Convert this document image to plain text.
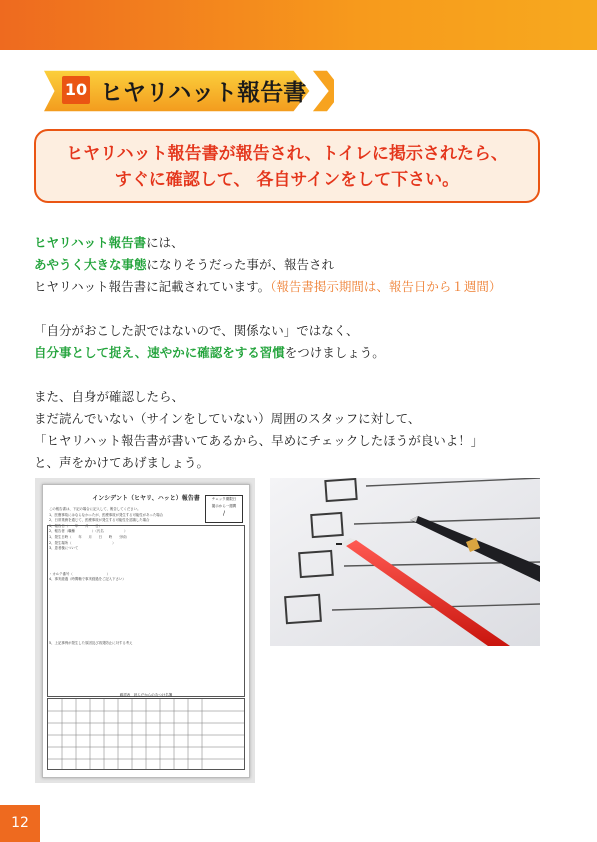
10 ヒヤリハット報告書
ヒヤリハット報告書が報告され、トイレに掲示されたら、
すぐに確認して、 各自サインをして下さい。

ヒヤリハット報告書には、

あやうく大きな事態になりそうだった事が、報告され

ヒヤリハット報告書に記載されています。（報告書掲示期間は、報告日から１週間）

「自分がおこした訳ではないので、関係ない」ではなく、

自分事として捉え、速やかに確認をする習慣をつけましょう。

また、自身が確認したら、

まだ読んでいない（サインをしていない）周囲のスタッフに対して、

「ヒヤリハット報告書が書いてあるから、早めにチェックしたほうが良いよ！」

と、声をかけてあげましょう。

インシデント（ヒヤリ、ハッと）報告書	チェック期限日
掲示から一週間
/
この報告書は、下記の場合に記入して、報告してください。
1、医療事故にはならなかったが、医療事故が発生する可能性があった場合
2、日常業務を通じて、医療事故が発生する可能性を認識した場合
1、報告日（　　年　　月　　日）
2、報告者（職種　　　　　）（氏名　　　　　　）
1、発生日時（　　年　　月　　日　　時　　分頃）
2、発生場所（　　　　　　　　　　　　）
3、患者様について
・カルテ番号（　　　　　　　　　　）
4、事実経過（時間軸で事実経過をご記入下さい）
5、上記事例が発生した原因及び再発防止に対する考え
確認表　読んだからの丸つけ名簿
12
